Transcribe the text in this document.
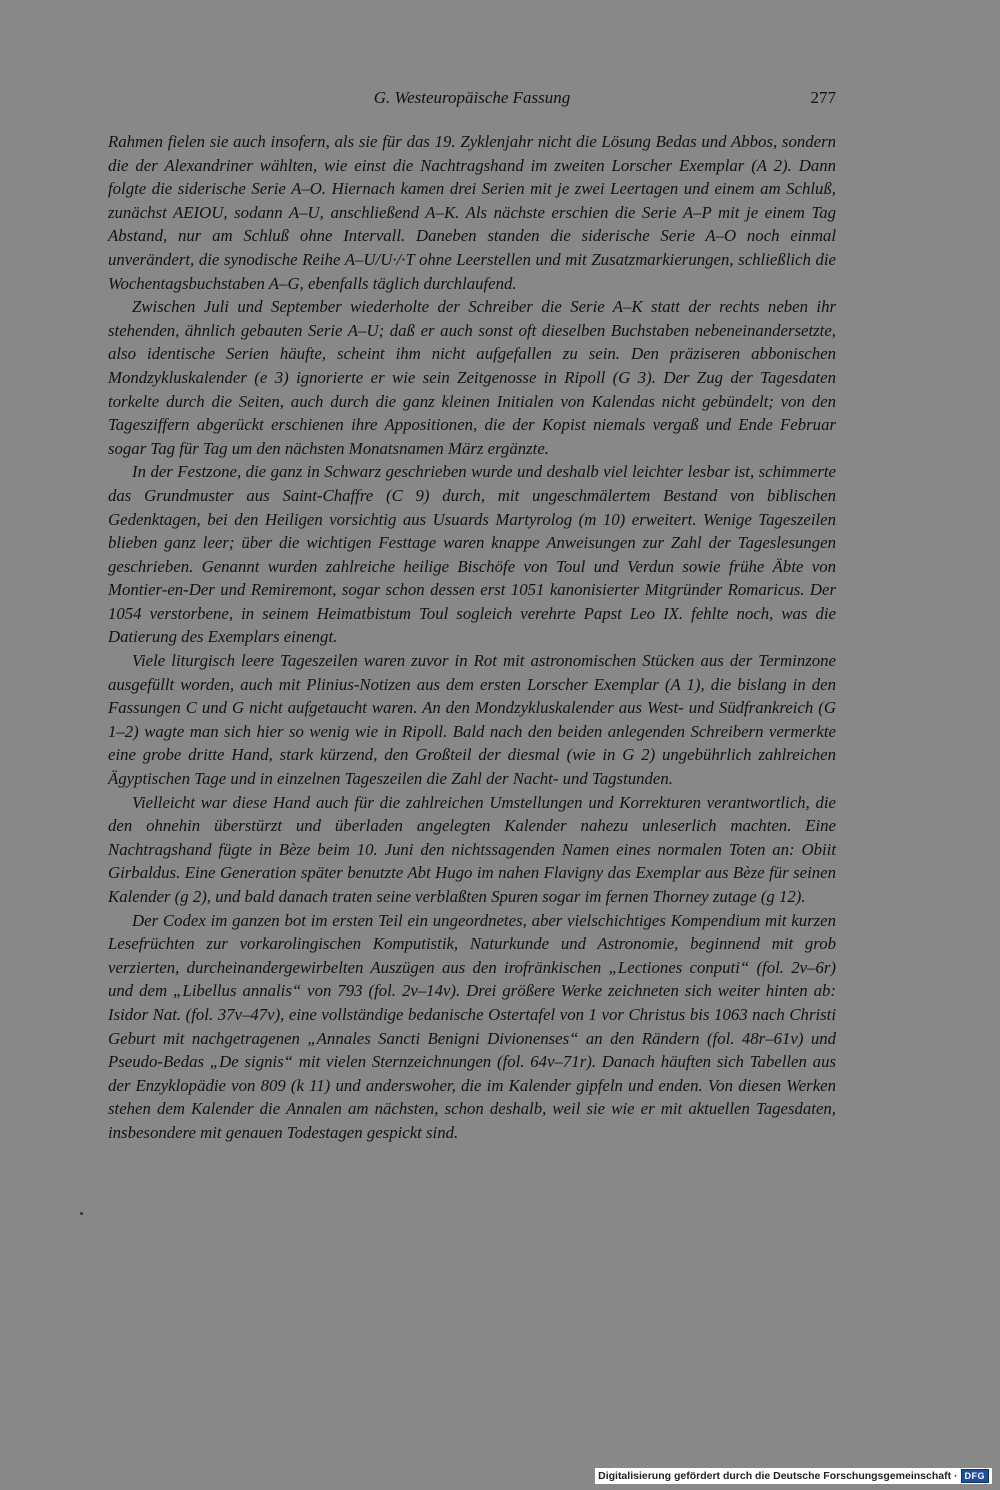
G. Westeuropäische Fassung	277

Rahmen fielen sie auch insofern, als sie für das 19. Zyklenjahr nicht die Lösung Bedas und Abbos, sondern die der Alexandriner wählten, wie einst die Nachtragshand im zweiten Lorscher Exemplar (A 2). Dann folgte die siderische Serie A–O. Hiernach kamen drei Serien mit je zwei Leertagen und einem am Schluß, zunächst AEIOU, sodann A–U, anschließend A–K. Als nächste erschien die Serie A–P mit je einem Tag Abstand, nur am Schluß ohne Intervall. Daneben standen die siderische Serie A–O noch einmal unverändert, die synodische Reihe A–U/U·/·T ohne Leerstellen und mit Zusatzmarkierungen, schließlich die Wochentagsbuchstaben A–G, ebenfalls täglich durchlaufend.

Zwischen Juli und September wiederholte der Schreiber die Serie A–K statt der rechts neben ihr stehenden, ähnlich gebauten Serie A–U; daß er auch sonst oft dieselben Buchstaben nebeneinandersetzte, also identische Serien häufte, scheint ihm nicht aufgefallen zu sein. Den präziseren abbonischen Mondzykluskalender (e 3) ignorierte er wie sein Zeitgenosse in Ripoll (G 3). Der Zug der Tagesdaten torkelte durch die Seiten, auch durch die ganz kleinen Initialen von Kalendas nicht gebündelt; von den Tagesziffern abgerückt erschienen ihre Appositionen, die der Kopist niemals vergaß und Ende Februar sogar Tag für Tag um den nächsten Monatsnamen März ergänzte.

In der Festzone, die ganz in Schwarz geschrieben wurde und deshalb viel leichter lesbar ist, schimmerte das Grundmuster aus Saint-Chaffre (C 9) durch, mit ungeschmälertem Bestand von biblischen Gedenktagen, bei den Heiligen vorsichtig aus Usuards Martyrolog (m 10) erweitert. Wenige Tageszeilen blieben ganz leer; über die wichtigen Festtage waren knappe Anweisungen zur Zahl der Tageslesungen geschrieben. Genannt wurden zahlreiche heilige Bischöfe von Toul und Verdun sowie frühe Äbte von Montier-en-Der und Remiremont, sogar schon dessen erst 1051 kanonisierter Mitgründer Romaricus. Der 1054 verstorbene, in seinem Heimatbistum Toul sogleich verehrte Papst Leo IX. fehlte noch, was die Datierung des Exemplars einengt.

Viele liturgisch leere Tageszeilen waren zuvor in Rot mit astronomischen Stücken aus der Terminzone ausgefüllt worden, auch mit Plinius-Notizen aus dem ersten Lorscher Exemplar (A 1), die bislang in den Fassungen C und G nicht aufgetaucht waren. An den Mondzykluskalender aus West- und Südfrankreich (G 1–2) wagte man sich hier so wenig wie in Ripoll. Bald nach den beiden anlegenden Schreibern vermerkte eine grobe dritte Hand, stark kürzend, den Großteil der diesmal (wie in G 2) ungebührlich zahlreichen Ägyptischen Tage und in einzelnen Tageszeilen die Zahl der Nacht- und Tagstunden.

Vielleicht war diese Hand auch für die zahlreichen Umstellungen und Korrekturen verantwortlich, die den ohnehin überstürzt und überladen angelegten Kalender nahezu unleserlich machten. Eine Nachtragshand fügte in Bèze beim 10. Juni den nichtssagenden Namen eines normalen Toten an: Obiit Girbaldus. Eine Generation später benutzte Abt Hugo im nahen Flavigny das Exemplar aus Bèze für seinen Kalender (g 2), und bald danach traten seine verblaßten Spuren sogar im fernen Thorney zutage (g 12).

Der Codex im ganzen bot im ersten Teil ein ungeordnetes, aber vielschichtiges Kompendium mit kurzen Lesefrüchten zur vorkarolingischen Komputistik, Naturkunde und Astronomie, beginnend mit grob verzierten, durcheinandergewirbelten Auszügen aus den irofränkischen „Lectiones conputi“ (fol. 2v–6r) und dem „Libellus annalis“ von 793 (fol. 2v–14v). Drei größere Werke zeichneten sich weiter hinten ab: Isidor Nat. (fol. 37v–47v), eine vollständige bedanische Ostertafel von 1 vor Christus bis 1063 nach Christi Geburt mit nachgetragenen „Annales Sancti Benigni Divionenses“ an den Rändern (fol. 48r–61v) und Pseudo-Bedas „De signis“ mit vielen Sternzeichnungen (fol. 64v–71r). Danach häuften sich Tabellen aus der Enzyklopädie von 809 (k 11) und anderswoher, die im Kalender gipfeln und enden. Von diesen Werken stehen dem Kalender die Annalen am nächsten, schon deshalb, weil sie wie er mit aktuellen Tagesdaten, insbesondere mit genauen Todestagen gespickt sind.

Digitalisierung gefördert durch die Deutsche Forschungsgemeinschaft · DFG
